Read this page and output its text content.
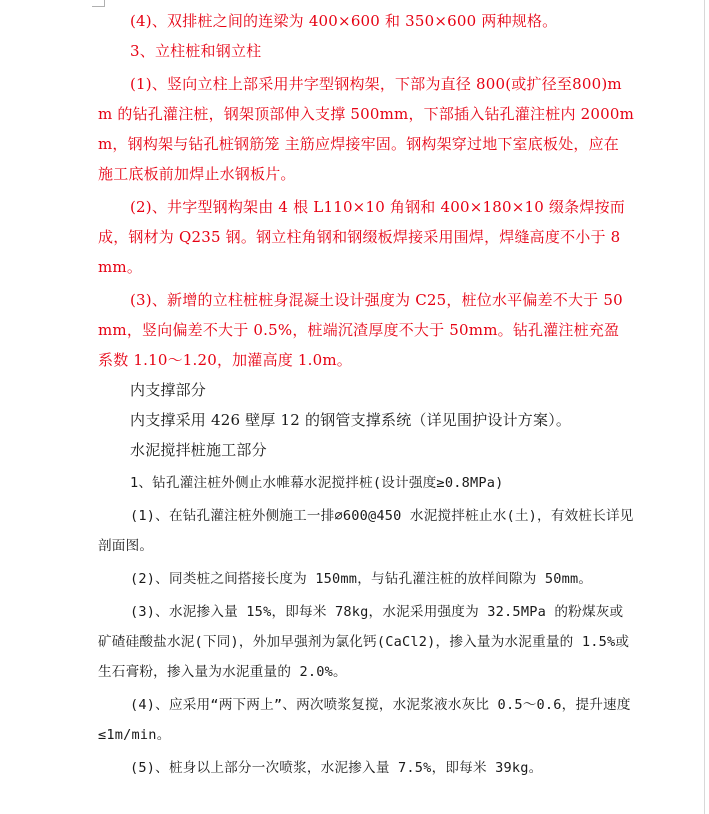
(4)、双排桩之间的连梁为 400×600 和 350×600 两种规格。

3、立柱桩和钢立柱

(1)、竖向立柱上部采用井字型钢构架，下部为直径 800(或扩径至800)mm 的钻孔灌注桩，钢架顶部伸入支撑 500mm，下部插入钻孔灌注桩内 2000mm，钢构架与钻孔桩钢筋笼 主筋应焊接牢固。钢构架穿过地下室底板处，应在施工底板前加焊止水钢板片。

(2)、井字型钢构架由 4 根 L110×10 角钢和 400×180×10 缀条焊按而成，钢材为 Q235 钢。钢立柱角钢和钢缀板焊接采用围焊，焊缝高度不小于 8mm。

(3)、新增的立柱桩桩身混凝土设计强度为 C25，桩位水平偏差不大于 50mm，竖向偏差不大于 0.5%，桩端沉渣厚度不大于 50mm。钻孔灌注桩充盈系数 1.10～1.20，加灌高度 1.0m。

内支撑部分

内支撑采用 426 壁厚 12 的钢管支撑系统（详见围护设计方案）。

水泥搅拌桩施工部分

1、钻孔灌注桩外侧止水帷幕水泥搅拌桩(设计强度≥0.8MPa)

(1)、在钻孔灌注桩外侧施工一排∅600@450 水泥搅拌桩止水(土)，有效桩长详见剖面图。

(2)、同类桩之间搭接长度为 150mm，与钻孔灌注桩的放样间隙为 50mm。

(3)、水泥掺入量 15%，即每米 78kg，水泥采用强度为 32.5MPa 的粉煤灰或矿碴硅酸盐水泥(下同)，外加早强剂为氯化钙(CaCl2)，掺入量为水泥重量的 1.5%或生石膏粉，掺入量为水泥重量的 2.0%。

(4)、应采用“两下两上”、两次喷浆复搅，水泥浆液水灰比 0.5～0.6，提升速度≤1m/min。

(5)、桩身以上部分一次喷浆，水泥掺入量 7.5%，即每米 39kg。
